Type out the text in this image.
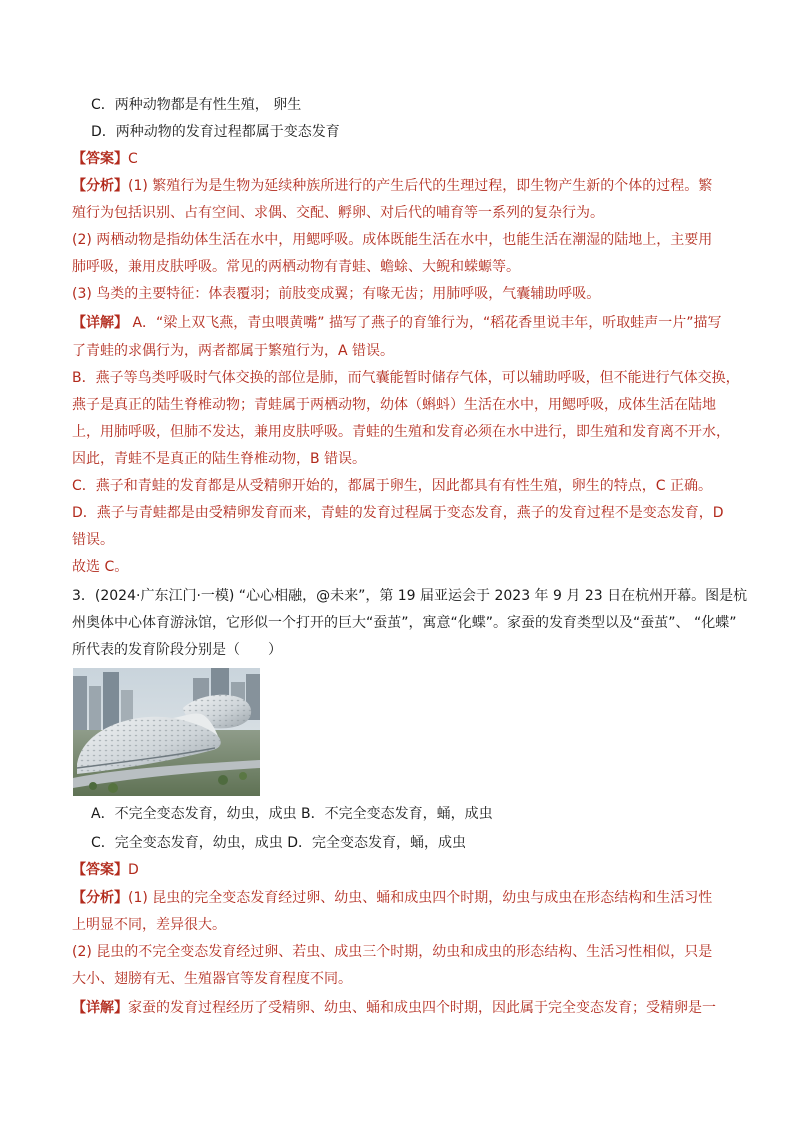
C．两种动物都是有性生殖， 卵生
D．两种动物的发育过程都属于变态发育
【答案】C
【分析】(1) 繁殖行为是生物为延续种族所进行的产生后代的生理过程，即生物产生新的个体的过程。繁
殖行为包括识别、占有空间、求偶、交配、孵卵、对后代的哺育等一系列的复杂行为。
(2) 两栖动物是指幼体生活在水中，用鳃呼吸。成体既能生活在水中，也能生活在潮湿的陆地上，主要用
肺呼吸，兼用皮肤呼吸。常见的两栖动物有青蛙、蟾蜍、大鲵和蝾螈等。
(3) 鸟类的主要特征：体表覆羽；前肢变成翼；有喙无齿；用肺呼吸，气囊辅助呼吸。
【详解】 A．“梁上双飞燕，青虫喂黄嘴” 描写了燕子的育雏行为，“稻花香里说丰年，听取蛙声一片”描写
了青蛙的求偶行为，两者都属于繁殖行为，A 错误。
B．燕子等鸟类呼吸时气体交换的部位是肺，而气囊能暂时储存气体，可以辅助呼吸，但不能进行气体交换，
燕子是真正的陆生脊椎动物；青蛙属于两栖动物，幼体（蝌蚪）生活在水中，用鳃呼吸，成体生活在陆地
上，用肺呼吸，但肺不发达，兼用皮肤呼吸。青蛙的生殖和发育必须在水中进行，即生殖和发育离不开水，
因此，青蛙不是真正的陆生脊椎动物，B 错误。
C．燕子和青蛙的发育都是从受精卵开始的，都属于卵生，因此都具有有性生殖，卵生的特点，C 正确。
D．燕子与青蛙都是由受精卵发育而来，青蛙的发育过程属于变态发育，燕子的发育过程不是变态发育，D
错误。
故选 C。
3．(2024·广东江门·一模) “心心相融，@未来”，第 19 届亚运会于 2023 年 9 月 23 日在杭州开幕。图是杭
州奥体中心体育游泳馆，它形似一个打开的巨大“蚕茧”，寓意“化蝶”。家蚕的发育类型以及“蚕茧”、 “化蝶”
所代表的发育阶段分别是（　　）
A．不完全变态发育，幼虫，成虫 B．不完全变态发育，蛹，成虫
C．完全变态发育，幼虫，成虫 D．完全变态发育，蛹，成虫
【答案】D
【分析】(1) 昆虫的完全变态发育经过卵、幼虫、蛹和成虫四个时期，幼虫与成虫在形态结构和生活习性
上明显不同，差异很大。
(2) 昆虫的不完全变态发育经过卵、若虫、成虫三个时期，幼虫和成虫的形态结构、生活习性相似，只是
大小、翅膀有无、生殖器官等发育程度不同。
【详解】家蚕的发育过程经历了受精卵、幼虫、蛹和成虫四个时期，因此属于完全变态发育；受精卵是一
